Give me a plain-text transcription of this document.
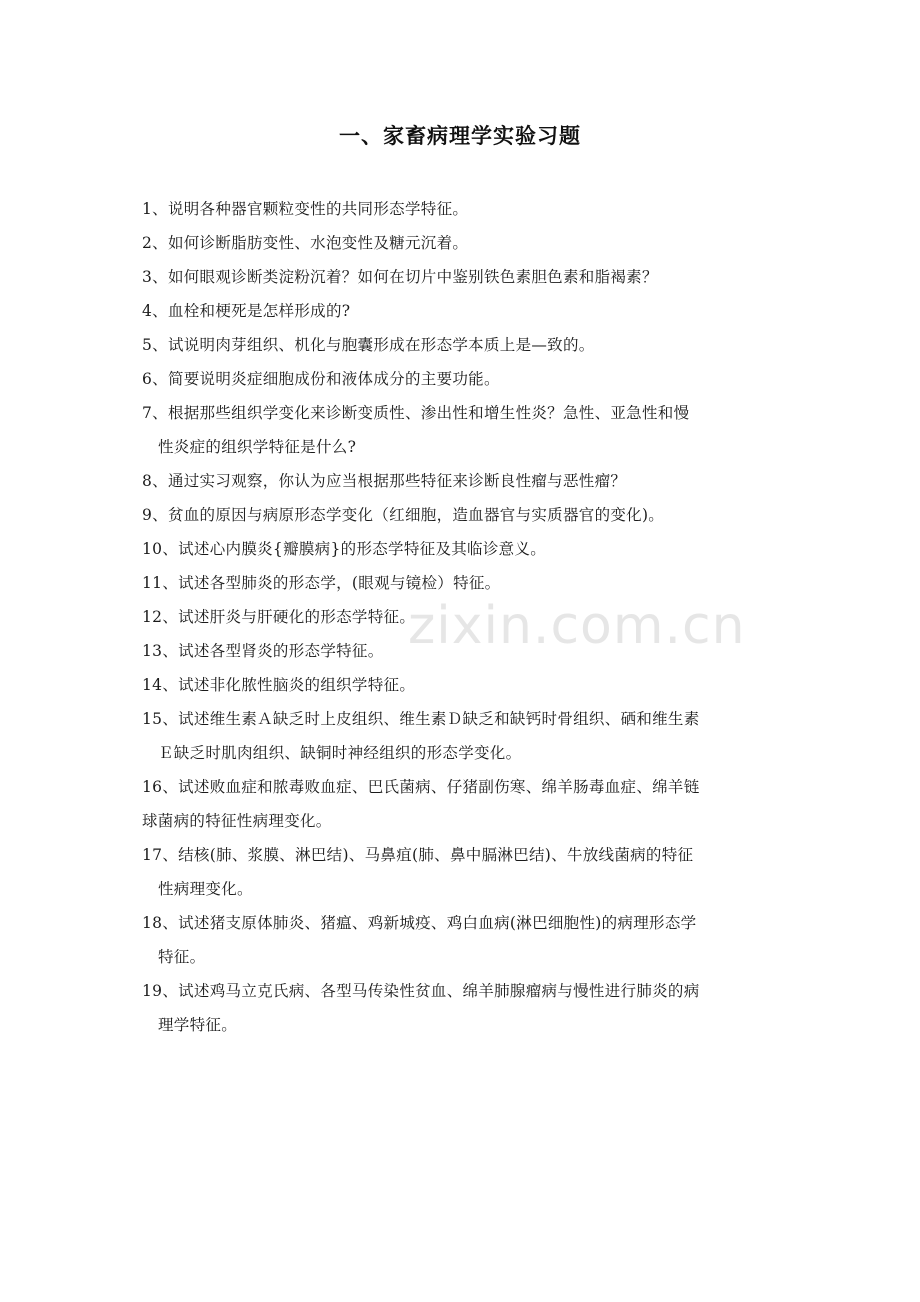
zixin.com.cn
一、家畜病理学实验习题
1、说明各种器官颗粒变性的共同形态学特征。
2、如何诊断脂肪变性、水泡变性及糖元沉着。
3、如何眼观诊断类淀粉沉着？如何在切片中鉴别铁色素胆色素和脂褐素？
4、血栓和梗死是怎样形成的?
5、试说明肉芽组织、机化与胞囊形成在形态学本质上是—致的。
6、简要说明炎症细胞成份和液体成分的主要功能。
7、根据那些组织学变化来诊断变质性、渗出性和增生性炎？急性、亚急性和慢
性炎症的组织学特征是什么?
8、通过实习观察，你认为应当根据那些特征来诊断良性瘤与恶性瘤？
9、贫血的原因与病原形态学变化（红细胞，造血器官与实质器官的变化)。
10、试述心内膜炎{瓣膜病}的形态学特征及其临诊意义。
11、试述各型肺炎的形态学，(眼观与镜检）特征。
12、试述肝炎与肝硬化的形态学特征。
13、试述各型肾炎的形态学特征。
14、试述非化脓性脑炎的组织学特征。
15、试述维生素Ａ缺乏时上皮组织、维生素Ｄ缺乏和缺钙时骨组织、硒和维生素
Ｅ缺乏时肌肉组织、缺铜时神经组织的形态学变化。
16、试述败血症和脓毒败血症、巴氏菌病、仔猪副伤寒、绵羊肠毒血症、绵羊链
球菌病的特征性病理变化。
17、结核(肺、浆膜、淋巴结)、马鼻疽(肺、鼻中膈淋巴结)、牛放线菌病的特征
性病理变化。
18、试述猪支原体肺炎、猪瘟、鸡新城疫、鸡白血病(淋巴细胞性)的病理形态学
特征。
19、试述鸡马立克氏病、各型马传染性贫血、绵羊肺腺瘤病与慢性进行肺炎的病
理学特征。
